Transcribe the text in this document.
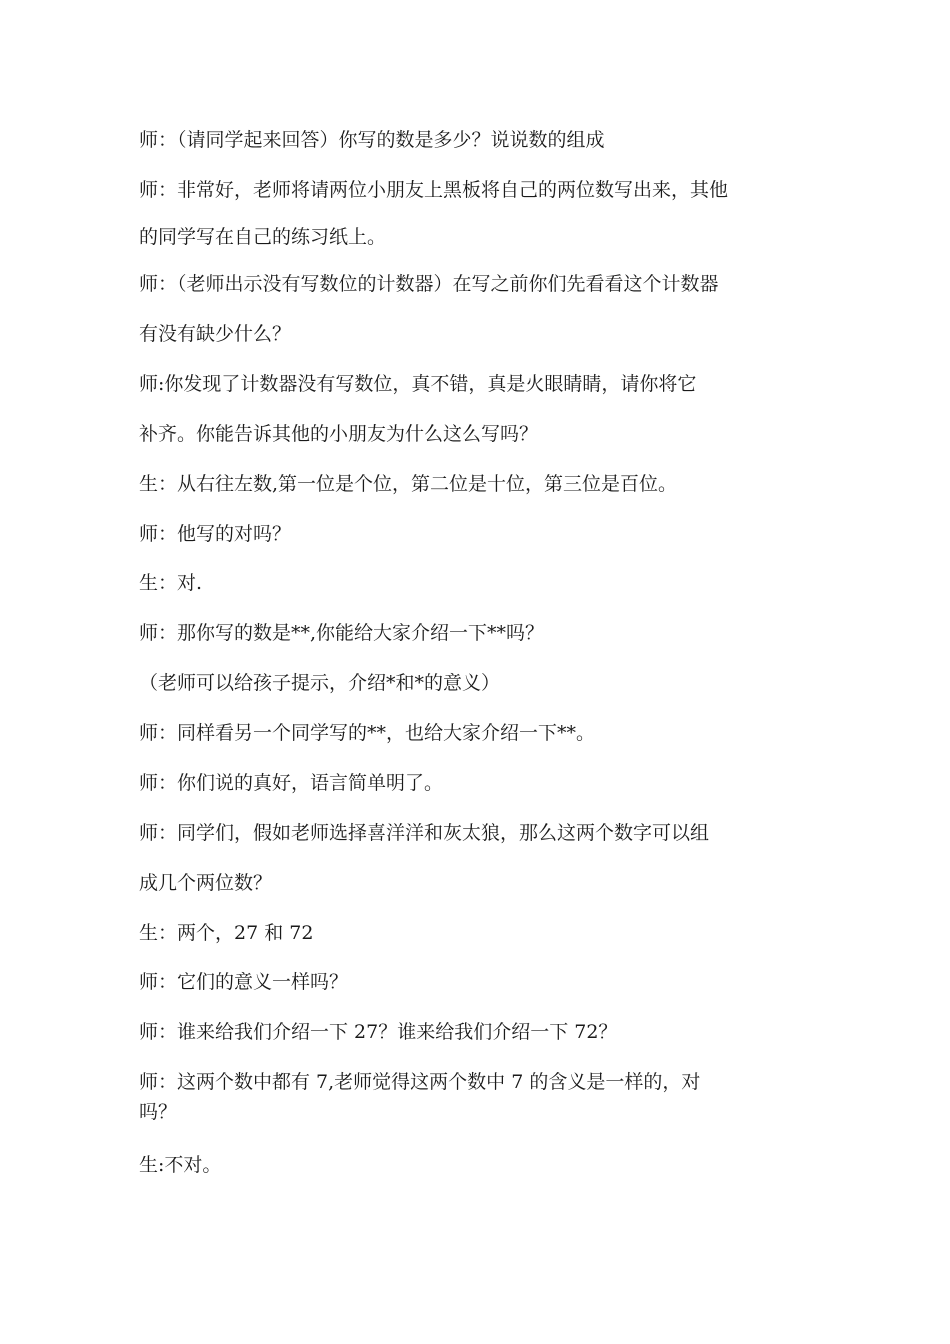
师：（请同学起来回答）你写的数是多少？说说数的组成

师：非常好，老师将请两位小朋友上黑板将自己的两位数写出来，其他

的同学写在自己的练习纸上。

师：（老师出示没有写数位的计数器）在写之前你们先看看这个计数器

有没有缺少什么？

师:你发现了计数器没有写数位，真不错，真是火眼睛睛，请你将它

补齐。你能告诉其他的小朋友为什么这么写吗？

生：从右往左数,第一位是个位，第二位是十位，第三位是百位。

师：他写的对吗？

生：对.

师：那你写的数是**,你能给大家介绍一下**吗？

（老师可以给孩子提示，介绍*和*的意义）

师：同样看另一个同学写的**，也给大家介绍一下**。

师：你们说的真好，语言简单明了。

师：同学们，假如老师选择喜洋洋和灰太狼，那么这两个数字可以组

成几个两位数？

生：两个，27 和 72

师：它们的意义一样吗？

师：谁来给我们介绍一下 27？谁来给我们介绍一下 72？

师：这两个数中都有 7,老师觉得这两个数中 7 的含义是一样的，对

吗？

生:不对。
